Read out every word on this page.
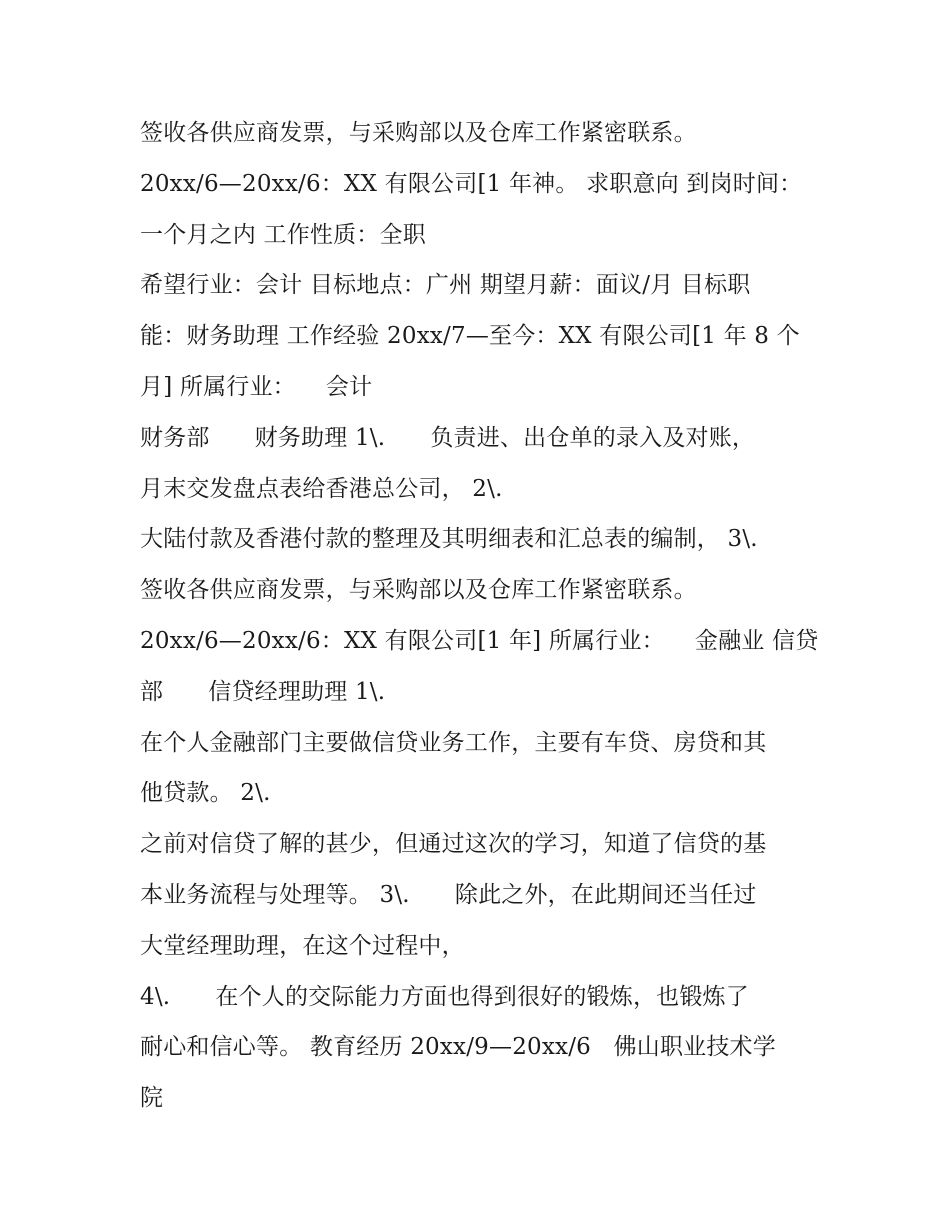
签收各供应商发票，与采购部以及仓库工作紧密联系。
20xx/6—20xx/6：XX 有限公司[1 年神。 求职意向 到岗时间：
一个月之内 工作性质：全职
希望行业：会计 目标地点：广州 期望月薪：面议/月 目标职
能：财务助理 工作经验 20xx/7—至今：XX 有限公司[1 年 8 个
月] 所属行业：    会计
财务部      财务助理 1\.      负责进、出仓单的录入及对账，
月末交发盘点表给香港总公司， 2\.
大陆付款及香港付款的整理及其明细表和汇总表的编制， 3\.
签收各供应商发票，与采购部以及仓库工作紧密联系。
20xx/6—20xx/6：XX 有限公司[1 年] 所属行业：    金融业 信贷
部      信贷经理助理 1\.
在个人金融部门主要做信贷业务工作，主要有车贷、房贷和其
他贷款。 2\.
之前对信贷了解的甚少，但通过这次的学习，知道了信贷的基
本业务流程与处理等。 3\.      除此之外，在此期间还当任过
大堂经理助理，在这个过程中，
4\.      在个人的交际能力方面也得到很好的锻炼，也锻炼了
耐心和信心等。 教育经历 20xx/9—20xx/6   佛山职业技术学
院
